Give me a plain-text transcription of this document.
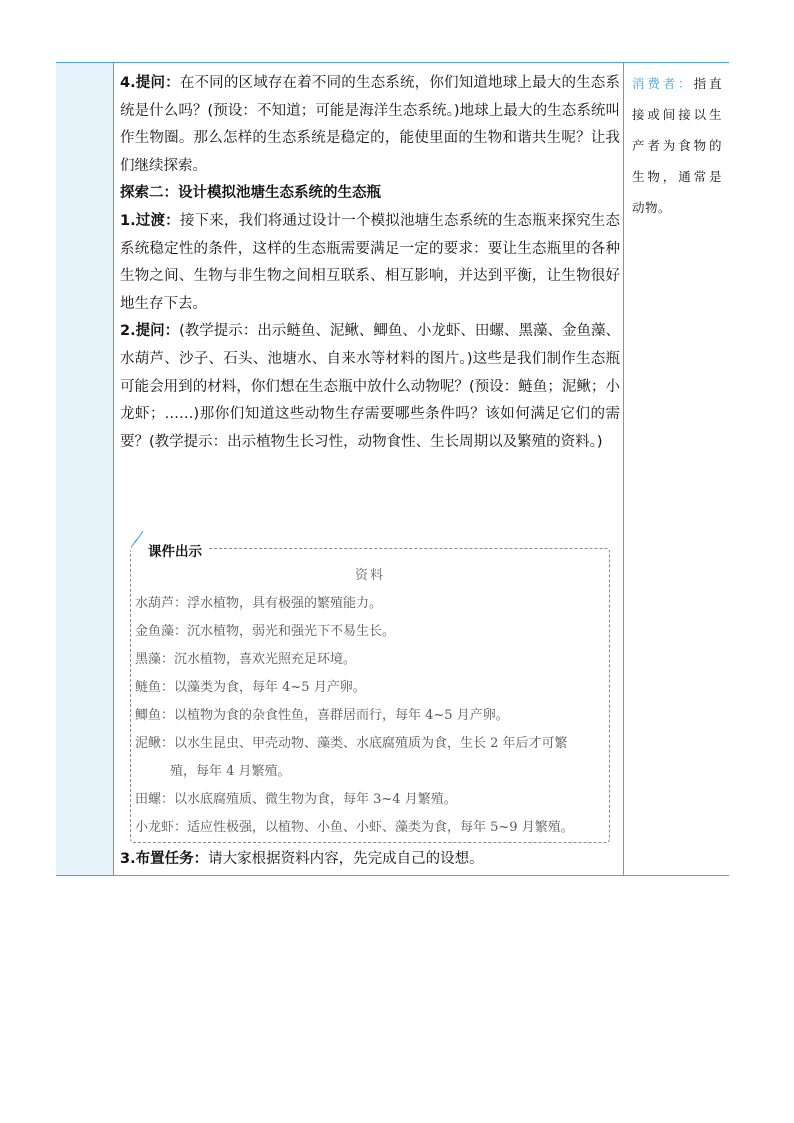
4.提问：在不同的区域存在着不同的生态系统，你们知道地球上最大的生态系统是什么吗？(预设：不知道；可能是海洋生态系统。)地球上最大的生态系统叫作生物圈。那么怎样的生态系统是稳定的，能使里面的生物和谐共生呢？让我们继续探索。

探索二：设计模拟池塘生态系统的生态瓶

1.过渡：接下来，我们将通过设计一个模拟池塘生态系统的生态瓶来探究生态系统稳定性的条件，这样的生态瓶需要满足一定的要求：要让生态瓶里的各种生物之间、生物与非生物之间相互联系、相互影响，并达到平衡，让生物很好地生存下去。

2.提问：(教学提示：出示鲢鱼、泥鳅、鲫鱼、小龙虾、田螺、黑藻、金鱼藻、水葫芦、沙子、石头、池塘水、自来水等材料的图片。)这些是我们制作生态瓶可能会用到的材料，你们想在生态瓶中放什么动物呢？(预设：鲢鱼；泥鳅；小龙虾；……)那你们知道这些动物生存需要哪些条件吗？该如何满足它们的需要？(教学提示：出示植物生长习性，动物食性、生长周期以及繁殖的资料。)

课件出示
资料

水葫芦：浮水植物，具有极强的繁殖能力。

金鱼藻：沉水植物，弱光和强光下不易生长。

黑藻：沉水植物，喜欢光照充足环境。

鲢鱼：以藻类为食，每年 4~5 月产卵。

鲫鱼：以植物为食的杂食性鱼，喜群居而行，每年 4~5 月产卵。

泥鳅：以水生昆虫、甲壳动物、藻类、水底腐殖质为食，生长 2 年后才可繁

殖，每年 4 月繁殖。

田螺：以水底腐殖质、微生物为食，每年 3~4 月繁殖。

小龙虾：适应性极强，以植物、小鱼、小虾、藻类为食，每年 5~9 月繁殖。

3.布置任务：请大家根据资料内容，先完成自己的设想。

消费者：指直接或间接以生产者为食物的生物，通常是动物。
